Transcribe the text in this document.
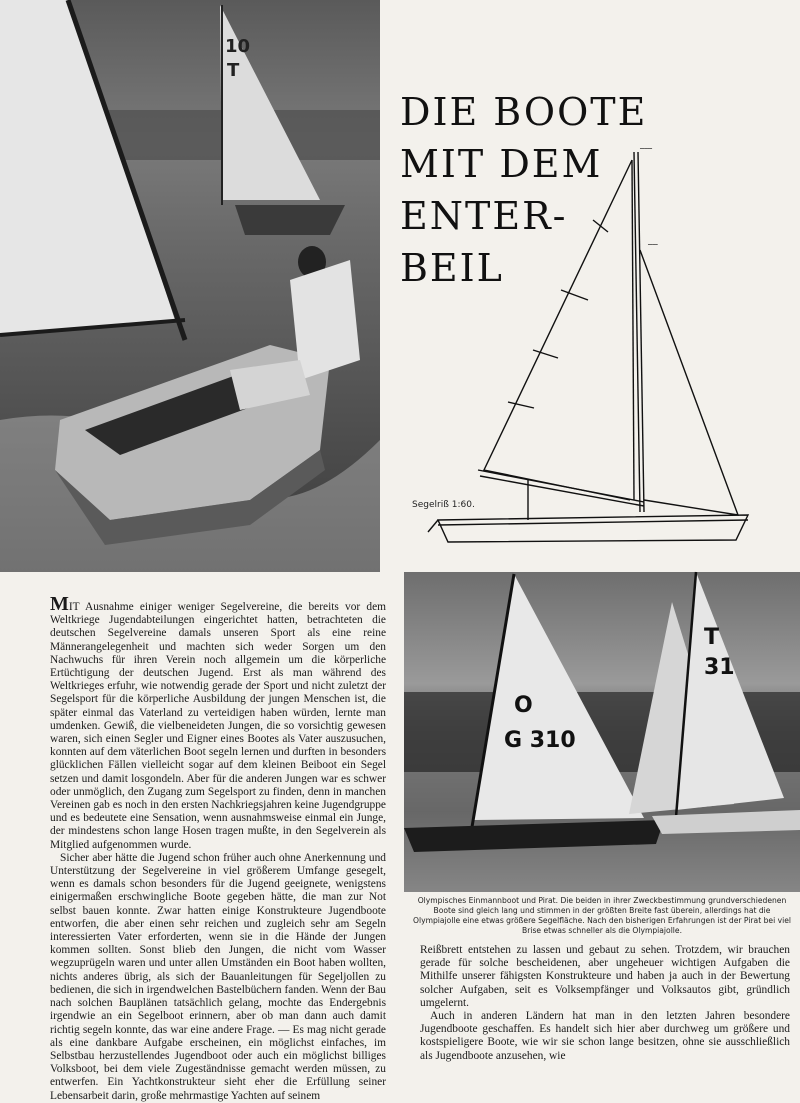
10
T
DIE BOOTE
MIT DEM
ENTER-
BEIL
━━━━━
━━━━
Segelriß 1:60.

MIT Ausnahme einiger weniger Segelvereine, die bereits vor dem Weltkriege Jugendabteilungen eingerichtet hatten, betrachteten die deutschen Segelvereine damals unseren Sport als eine reine Männerangelegenheit und machten sich weder Sorgen um den Nachwuchs für ihren Verein noch allgemein um die körperliche Ertüchtigung der deutschen Jugend. Erst als man während des Weltkrieges erfuhr, wie notwendig gerade der Sport und nicht zuletzt der Segelsport für die körperliche Ausbildung der jungen Menschen ist, die später einmal das Vaterland zu verteidigen haben würden, lernte man umdenken. Gewiß, die vielbeneideten Jungen, die so vorsichtig gewesen waren, sich einen Segler und Eigner eines Bootes als Vater auszusuchen, konnten auf dem väterlichen Boot segeln lernen und durften in besonders glücklichen Fällen vielleicht sogar auf dem kleinen Beiboot ein Segel setzen und damit losgondeln. Aber für die anderen Jungen war es schwer oder unmöglich, den Zugang zum Segelsport zu finden, denn in manchen Vereinen gab es noch in den ersten Nachkriegsjahren keine Jugendgruppe und es bedeutete eine Sensation, wenn ausnahmsweise einmal ein Junge, der mindestens schon lange Hosen tragen mußte, in den Segelverein als Mitglied aufgenommen wurde.

Sicher aber hätte die Jugend schon früher auch ohne Anerkennung und Unterstützung der Segelvereine in viel größerem Umfange gesegelt, wenn es damals schon besonders für die Jugend geeignete, wenigstens einigermaßen erschwingliche Boote gegeben hätte, die man zur Not selbst bauen konnte. Zwar hatten einige Konstrukteure Jugendboote entworfen, die aber einen sehr reichen und zugleich sehr am Segeln interessierten Vater erforderten, wenn sie in die Hände der Jungen kommen sollten. Sonst blieb den Jungen, die nicht vom Wasser wegzuprügeln waren und unter allen Umständen ein Boot haben wollten, nichts anderes übrig, als sich der Bauanleitungen für Segeljollen zu bedienen, die sich in irgendwelchen Bastelbüchern fanden. Wenn der Bau nach solchen Bauplänen tatsächlich gelang, mochte das Endergebnis irgendwie an ein Segelboot erinnern, aber ob man dann auch damit richtig segeln konnte, das war eine andere Frage. — Es mag nicht gerade als eine dankbare Aufgabe erscheinen, ein möglichst einfaches, im Selbstbau herzustellendes Jugendboot oder auch ein möglichst billiges Volksboot, bei dem viele Zugeständnisse gemacht werden müssen, zu entwerfen. Ein Yachtkonstrukteur sieht eher die Erfüllung seiner Lebensarbeit darin, große mehrmastige Yachten auf seinem

O
G 310
T
31
Olympisches Einmannboot und Pirat. Die beiden in ihrer Zweckbestimmung grundverschiedenen Boote sind gleich lang und stimmen in der größten Breite fast überein, allerdings hat die Olympiajolle eine etwas größere Segelfläche. Nach den bisherigen Erfahrungen ist der Pirat bei viel Brise etwas schneller als die Olympiajolle.

Reißbrett entstehen zu lassen und gebaut zu sehen. Trotzdem, wir brauchen gerade für solche bescheidenen, aber ungeheuer wichtigen Aufgaben die Mithilfe unserer fähigsten Konstrukteure und haben ja auch in der Bewertung solcher Aufgaben, seit es Volksempfänger und Volksautos gibt, gründlich umgelernt.

Auch in anderen Ländern hat man in den letzten Jahren besondere Jugendboote geschaffen. Es handelt sich hier aber durchweg um größere und kostspieligere Boote, wie wir sie schon lange besitzen, ohne sie ausschließlich als Jugendboote anzusehen, wie
